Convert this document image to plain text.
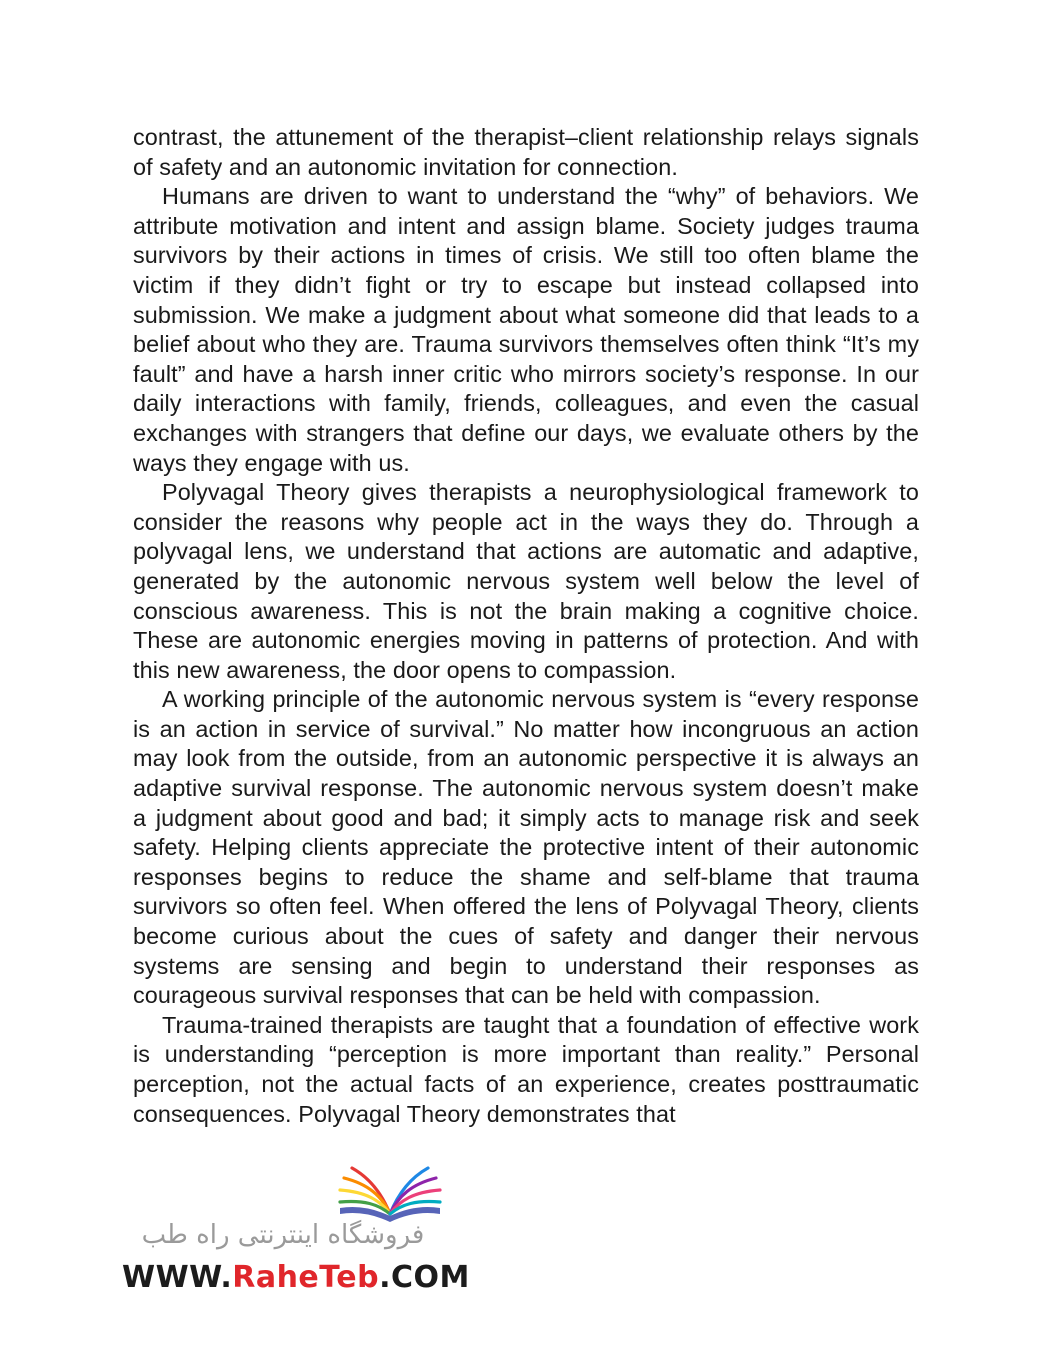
contrast, the attunement of the therapist–client relationship relays signals of safety and an autonomic invitation for connection.

Humans are driven to want to understand the “why” of behaviors. We attribute motivation and intent and assign blame. Society judges trauma survivors by their actions in times of crisis. We still too often blame the victim if they didn’t fight or try to escape but instead collapsed into submission. We make a judgment about what someone did that leads to a belief about who they are. Trauma survivors themselves often think “It’s my fault” and have a harsh inner critic who mirrors society’s response. In our daily interactions with family, friends, colleagues, and even the casual exchanges with strangers that define our days, we evaluate others by the ways they engage with us.

Polyvagal Theory gives therapists a neurophysiological framework to consider the reasons why people act in the ways they do. Through a polyvagal lens, we understand that actions are automatic and adaptive, generated by the autonomic nervous system well below the level of conscious awareness. This is not the brain making a cognitive choice. These are autonomic energies moving in patterns of protection. And with this new awareness, the door opens to compassion.

A working principle of the autonomic nervous system is “every response is an action in service of survival.” No matter how incongruous an action may look from the outside, from an autonomic perspective it is always an adaptive survival response. The autonomic nervous system doesn’t make a judgment about good and bad; it simply acts to manage risk and seek safety. Helping clients appreciate the protective intent of their autonomic responses begins to reduce the shame and self-blame that trauma survivors so often feel. When offered the lens of Polyvagal Theory, clients become curious about the cues of safety and danger their nervous systems are sensing and begin to understand their responses as courageous survival responses that can be held with compassion.

Trauma-trained therapists are taught that a foundation of effective work is understanding “perception is more important than reality.” Personal perception, not the actual facts of an experience, creates posttraumatic consequences. Polyvagal Theory demonstrates that

فروشگاه اینترنتی راه طب
WWW.RaheTeb.COM
